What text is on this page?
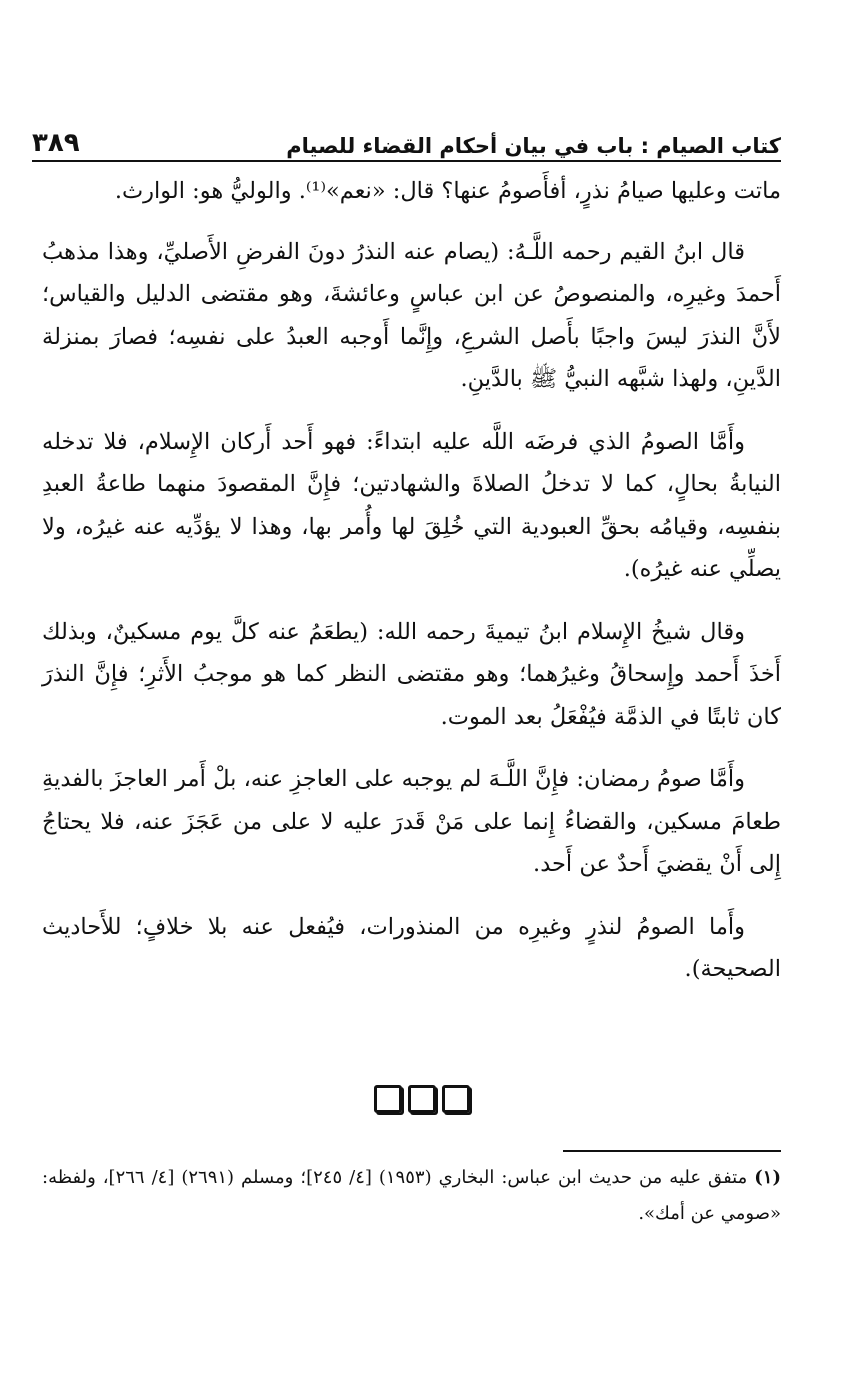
كتاب الصيام : باب في بيان أحكام القضاء للصيام
٣٨٩

ماتت وعليها صيامُ نذرٍ، أفأَصومُ عنها؟ قال: «نعم»⁽¹⁾. والوليُّ هو: الوارث.

قال ابنُ القيم رحمه اللَّـهُ: (يصام عنه النذرُ دونَ الفرضِ الأَصليِّ، وهذا مذهبُ أَحمدَ وغيرِه، والمنصوصُ عن ابن عباسٍ وعائشةَ، وهو مقتضى الدليل والقياس؛ لأَنَّ النذرَ ليسَ واجبًا بأَصل الشرعِ، وإِنَّما أَوجبه العبدُ على نفسِه؛ فصارَ بمنزلة الدَّينِ، ولهذا شبَّهه النبيُّ ﷺ بالدَّينِ.

وأَمَّا الصومُ الذي فرضَه اللَّه عليه ابتداءً: فهو أَحد أَركان الإِسلام، فلا تدخله النيابةُ بحالٍ، كما لا تدخلُ الصلاةَ والشهادتين؛ فإِنَّ المقصودَ منهما طاعةُ العبدِ بنفسِه، وقيامُه بحقِّ العبودية التي خُلِقَ لها وأُمر بها، وهذا لا يؤدِّيه عنه غيرُه، ولا يصلِّي عنه غيرُه).

وقال شيخُ الإِسلام ابنُ تيميةَ رحمه الله: (يطعَمُ عنه كلَّ يوم مسكينٌ، وبذلك أَخذَ أَحمد وإِسحاقُ وغيرُهما؛ وهو مقتضى النظر كما هو موجبُ الأَثرِ؛ فإِنَّ النذرَ كان ثابتًا في الذمَّة فيُفْعَلُ بعد الموت.

وأَمَّا صومُ رمضان: فإِنَّ اللَّـهَ لم يوجبه على العاجزِ عنه، بلْ أَمر العاجزَ بالفديةِ طعامَ مسكين، والقضاءُ إِنما على مَنْ قَدرَ عليه لا على من عَجَزَ عنه، فلا يحتاجُ إِلى أَنْ يقضيَ أَحدٌ عن أَحد.

وأَما الصومُ لنذرٍ وغيرِه من المنذورات، فيُفعل عنه بلا خلافٍ؛ للأَحاديث الصحيحة).

(١) متفق عليه من حديث ابن عباس: البخاري (١٩٥٣) [٤/ ٢٤٥]؛ ومسلم (٢٦٩١) [٤/ ٢٦٦]، ولفظه: «صومي عن أمك».
